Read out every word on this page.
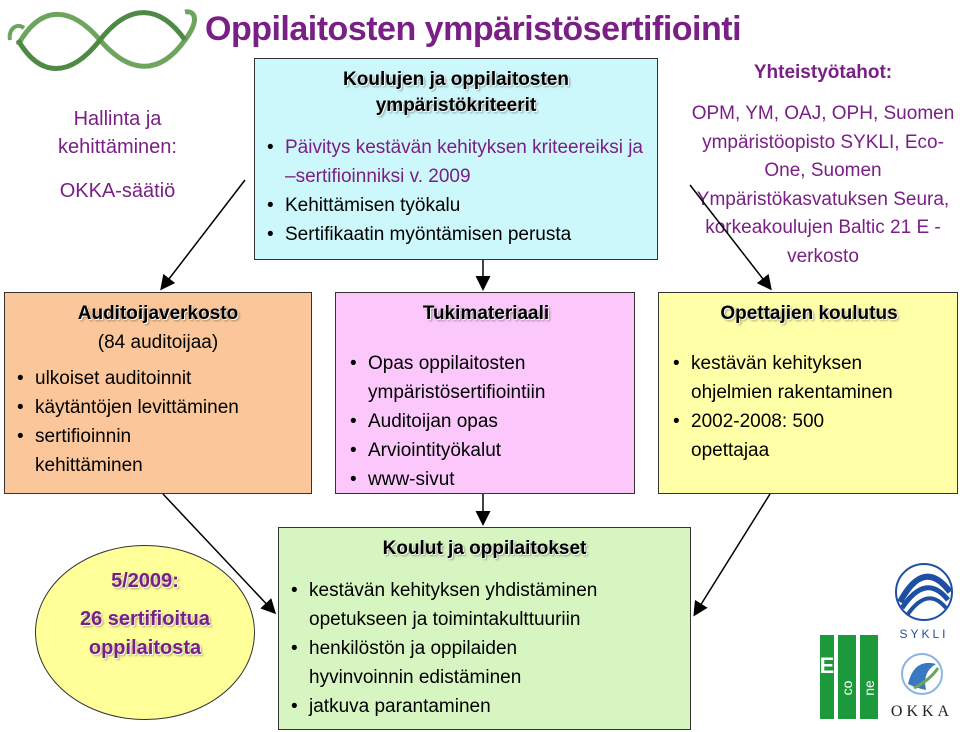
Oppilaitosten ympäristösertifiointi
Hallinta ja kehittäminen:
OKKA-säätiö
Koulujen ja oppilaitosten ympäristökriteerit
• Päivitys kestävän kehityksen kriteereiksi ja –sertifioinniksi v. 2009
• Kehittämisen työkalu
• Sertifikaatin myöntämisen perusta
Yhteistyötahot:
OPM, YM, OAJ, OPH, Suomen ympäristöopisto SYKLI, Eco-One, Suomen Ympäristökasvatuksen Seura, korkeakoulujen Baltic 21 E -verkosto
Auditoijaverkosto
(84 auditoijaa)
• ulkoiset auditoinnit
• käytäntöjen levittäminen
• sertifioinnin kehittäminen
Tukimateriaali
• Opas oppilaitosten ympäristösertifiointiin
• Auditoijan opas
• Arviointityökalut
• www-sivut
Opettajien koulutus
• kestävän kehityksen ohjelmien rakentaminen
• 2002-2008: 500 opettajaa
5/2009:
26 sertifioitua oppilaitosta
Koulut ja oppilaitokset
• kestävän kehityksen yhdistäminen opetukseen ja toimintakulttuuriin
• henkilöstön ja oppilaiden hyvinvoinnin edistäminen
• jatkuva parantaminen
SYKLI
E
co ne
OKKA
